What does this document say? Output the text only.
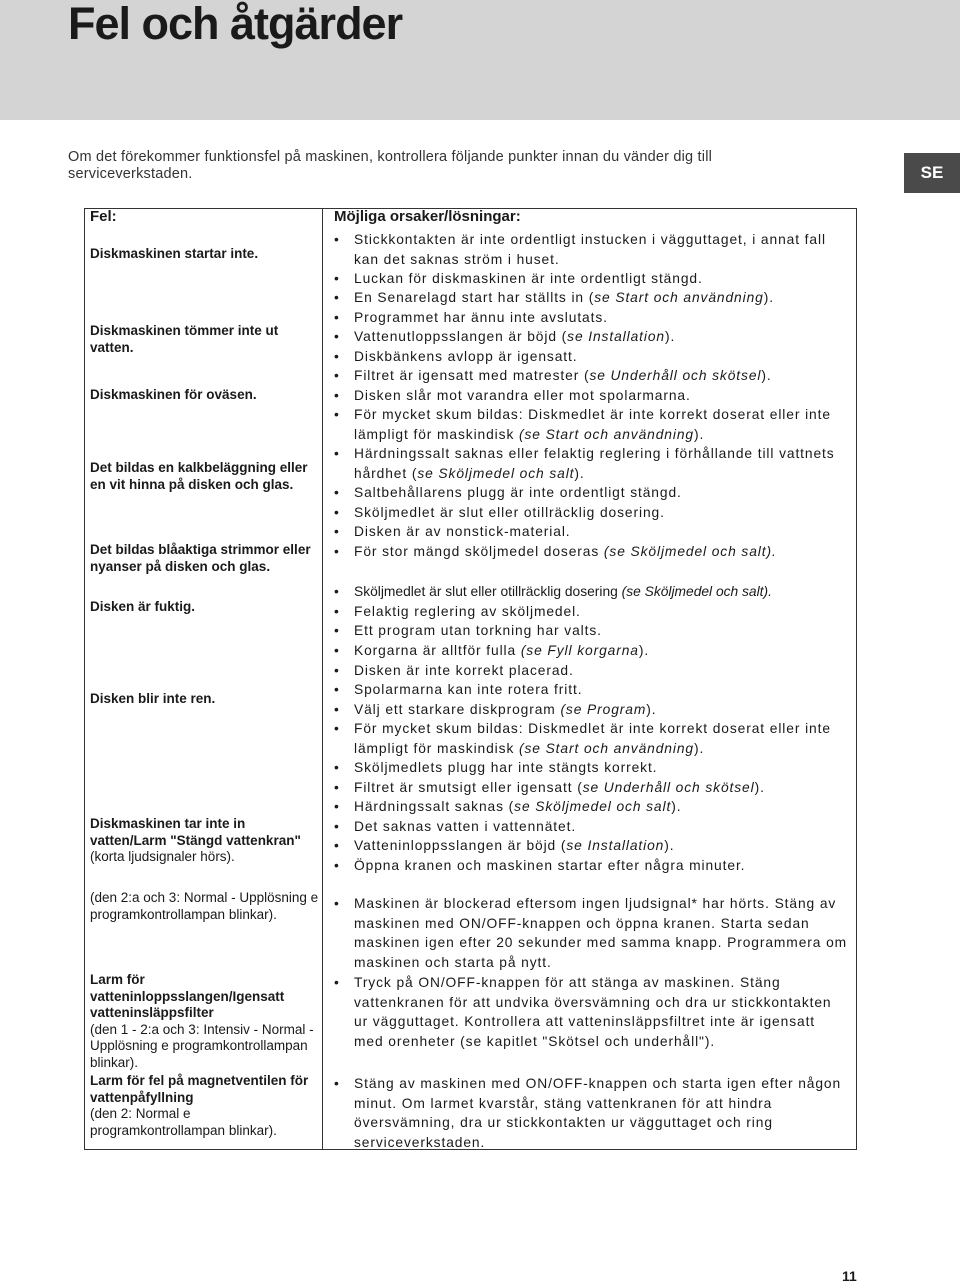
Fel och åtgärder
Om det förekommer funktionsfel på maskinen, kontrollera följande punkter innan du vänder dig till serviceverkstaden.	SE
Fel:	Möjliga orsaker/lösningar:
Diskmaskinen startar inte.
Diskmaskinen tömmer inte ut vatten.
Diskmaskinen för oväsen.
Det bildas en kalkbeläggning eller en vit hinna på disken och glas.
Det bildas blåaktiga strimmor eller nyanser på disken och glas.
Disken är fuktig.
Disken blir inte ren.
Diskmaskinen tar inte in vatten/Larm "Stängd vattenkran"
(korta ljudsignaler hörs).
(den 2:a och 3: Normal - Upplösning e programkontrollampan blinkar).
Larm för vatteninloppsslangen/Igensatt vatteninsläppsfilter
(den 1 - 2:a och 3: Intensiv - Normal - Upplösning e programkontrollampan blinkar).
Larm för fel på magnetventilen för vattenpåfyllning
(den 2: Normal e programkontrollampan blinkar).
• Stickkontakten är inte ordentligt instucken i vägguttaget, i annat fall kan det saknas ström i huset.
• Luckan för diskmaskinen är inte ordentligt stängd.
• En Senarelagd start har ställts in (se Start och användning).
• Programmet har ännu inte avslutats.
• Vattenutloppsslangen är böjd (se Installation).
• Diskbänkens avlopp är igensatt.
• Filtret är igensatt med matrester (se Underhåll och skötsel).
• Disken slår mot varandra eller mot spolarmarna.
• För mycket skum bildas: Diskmedlet är inte korrekt doserat eller inte lämpligt för maskindisk (se Start och användning).
• Härdningssalt saknas eller felaktig reglering i förhållande till vattnets hårdhet (se Sköljmedel och salt).
• Saltbehållarens plugg är inte ordentligt stängd.
• Sköljmedlet är slut eller otillräcklig dosering.
• Disken är av nonstick-material.
• För stor mängd sköljmedel doseras (se Sköljmedel och salt).
• Sköljmedlet är slut eller otillräcklig dosering (se Sköljmedel och salt).
• Felaktig reglering av sköljmedel.
• Ett program utan torkning har valts.
• Korgarna är alltför fulla (se Fyll korgarna).
• Disken är inte korrekt placerad.
• Spolarmarna kan inte rotera fritt.
• Välj ett starkare diskprogram (se Program).
• För mycket skum bildas: Diskmedlet är inte korrekt doserat eller inte lämpligt för maskindisk (se Start och användning).
• Sköljmedlets plugg har inte stängts korrekt.
• Filtret är smutsigt eller igensatt (se Underhåll och skötsel).
• Härdningssalt saknas (se Sköljmedel och salt).
• Det saknas vatten i vattennätet.
• Vatteninloppsslangen är böjd (se Installation).
• Öppna kranen och maskinen startar efter några minuter.
• Maskinen är blockerad eftersom ingen ljudsignal* har hörts. Stäng av maskinen med ON/OFF-knappen och öppna kranen. Starta sedan maskinen igen efter 20 sekunder med samma knapp. Programmera om maskinen och starta på nytt.
• Tryck på ON/OFF-knappen för att stänga av maskinen. Stäng vattenkranen för att undvika översvämning och dra ur stickkontakten ur vägguttaget. Kontrollera att vatteninsläppsfiltret inte är igensatt med orenheter (se kapitlet "Skötsel och underhåll").
• Stäng av maskinen med ON/OFF-knappen och starta igen efter någon minut. Om larmet kvarstår, stäng vattenkranen för att hindra översvämning, dra ur stickkontakten ur vägguttaget och ring serviceverkstaden.
11
